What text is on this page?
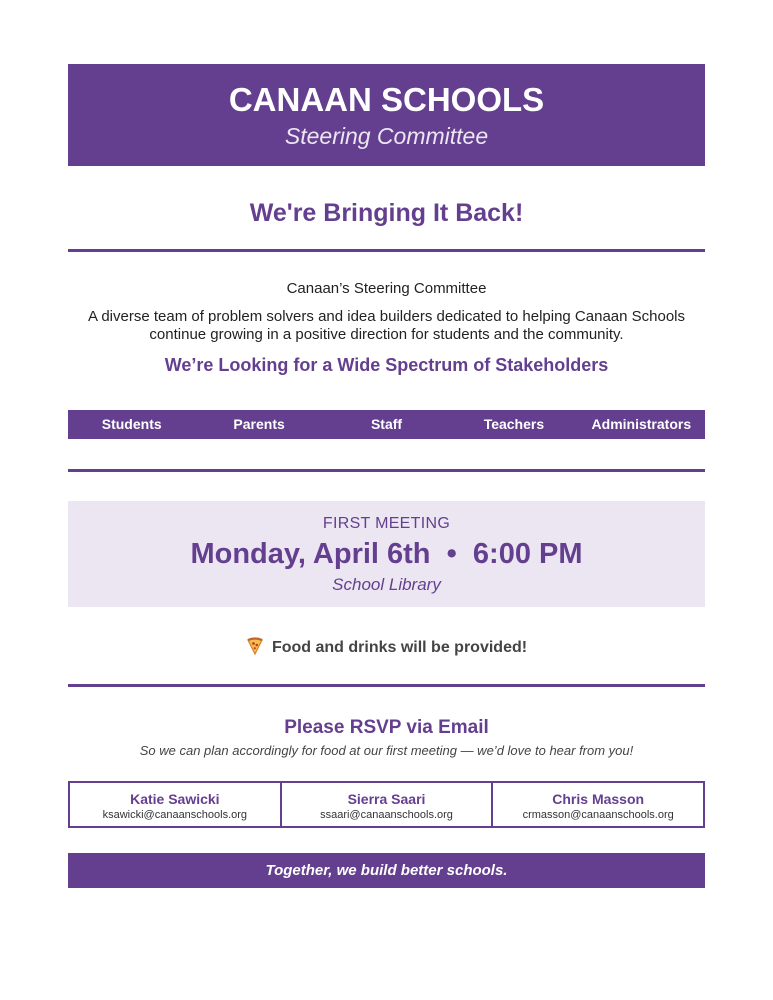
CANAAN SCHOOLS
Steering Committee
We're Bringing It Back!
Canaan’s Steering Committee
A diverse team of problem solvers and idea builders dedicated to helping Canaan Schools continue growing in a positive direction for students and the community.
We’re Looking for a Wide Spectrum of Stakeholders
Students	Parents	Staff	Teachers	Administrators
FIRST MEETING
Monday, April 6th  •  6:00 PM
School Library
Food and drinks will be provided!
Please RSVP via Email
So we can plan accordingly for food at our first meeting — we’d love to hear from you!
Katie Sawicki
ksawicki@canaanschools.org
Sierra Saari
ssaari@canaanschools.org
Chris Masson
crmasson@canaanschools.org
Together, we build better schools.
